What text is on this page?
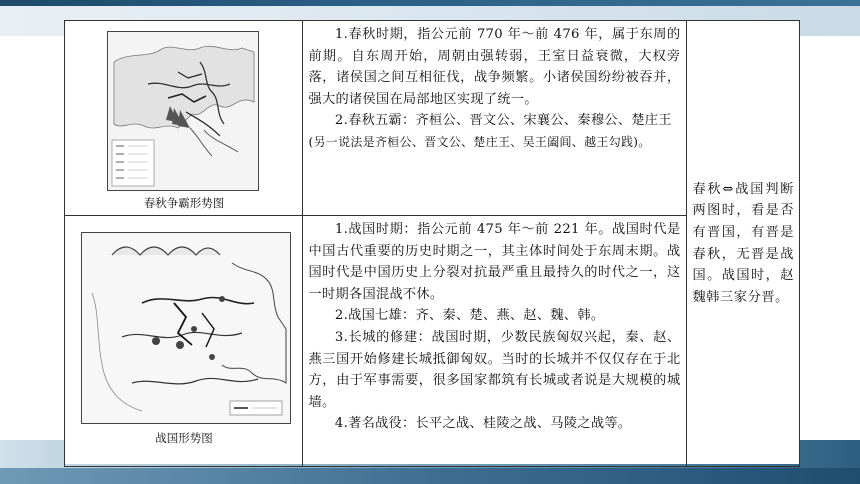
春秋争霸形势图	1.春秋时期，指公元前 770 年～前 476 年，属于东周的前期。自东周开始，周朝由强转弱，王室日益衰微，大权旁落，诸侯国之间互相征伐，战争频繁。小诸侯国纷纷被吞并，强大的诸侯国在局部地区实现了统一。

2.春秋五霸：齐桓公、晋文公、宋襄公、秦穆公、楚庄王

(另一说法是齐桓公、晋文公、楚庄王、吴王阖闾、越王勾践)。	春秋⇔战国判断两图时，看是否有晋国，有晋是春秋，无晋是战国。战国时，赵魏韩三家分晋。

战国形势图	1.战国时期：指公元前 475 年～前 221 年。战国时代是中国古代重要的历史时期之一，其主体时间处于东周末期。战国时代是中国历史上分裂对抗最严重且最持久的时代之一，这一时期各国混战不休。

2.战国七雄：齐、秦、楚、燕、赵、魏、韩。

3.长城的修建：战国时期，少数民族匈奴兴起，秦、赵、燕三国开始修建长城抵御匈奴。当时的长城并不仅仅存在于北方，由于军事需要，很多国家都筑有长城或者说是大规模的城墙。

4.著名战役：长平之战、桂陵之战、马陵之战等。	
